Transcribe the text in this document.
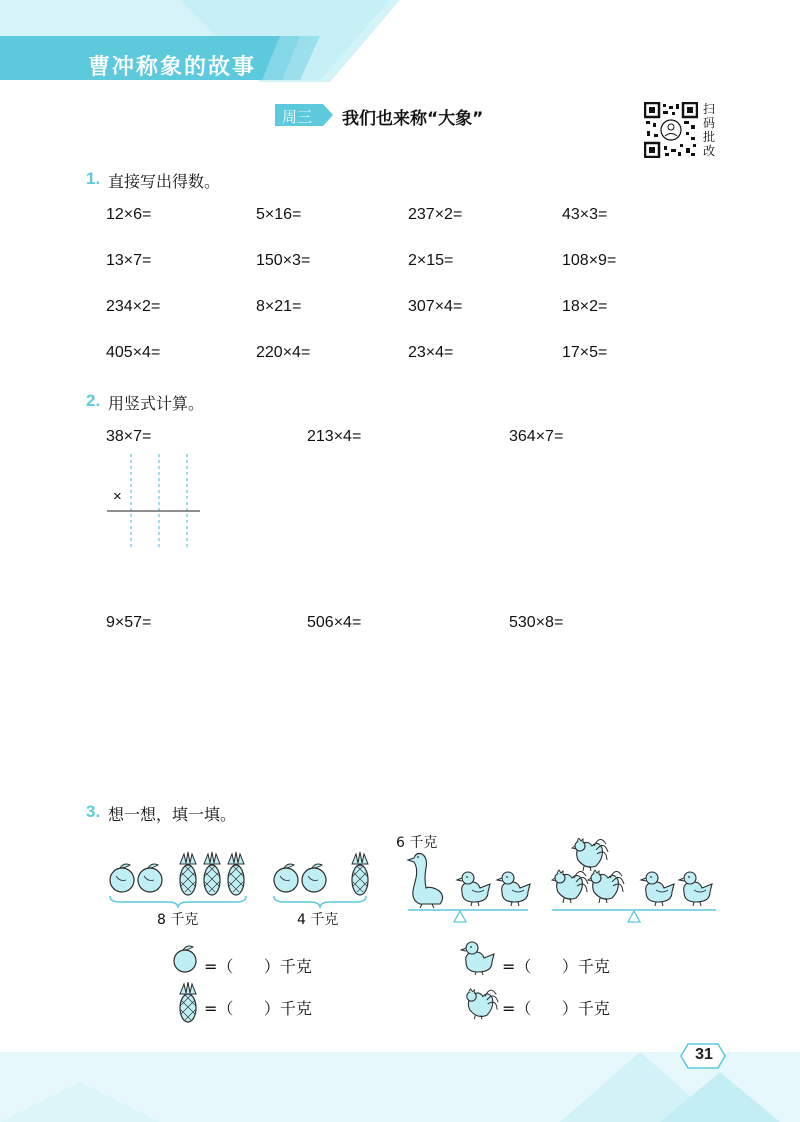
曹冲称象的故事
周三 我们也来称“大象”	扫
码
批
改
1. 直接写出得数。
12×6=	5×16=	237×2=	43×3=
13×7=	150×3=	2×15=	108×9=
234×2=	8×21=	307×4=	18×2=
405×4=	220×4=	23×4=	17×5=
2. 用竖式计算。
38×7=	213×4=	364×7=
×
9×57=	506×4=	530×8=
3. 想一想，填一填。
8 千克	4 千克
6 千克
=（      ）千克
=（      ）千克
=（      ）千克
=（      ）千克
31
